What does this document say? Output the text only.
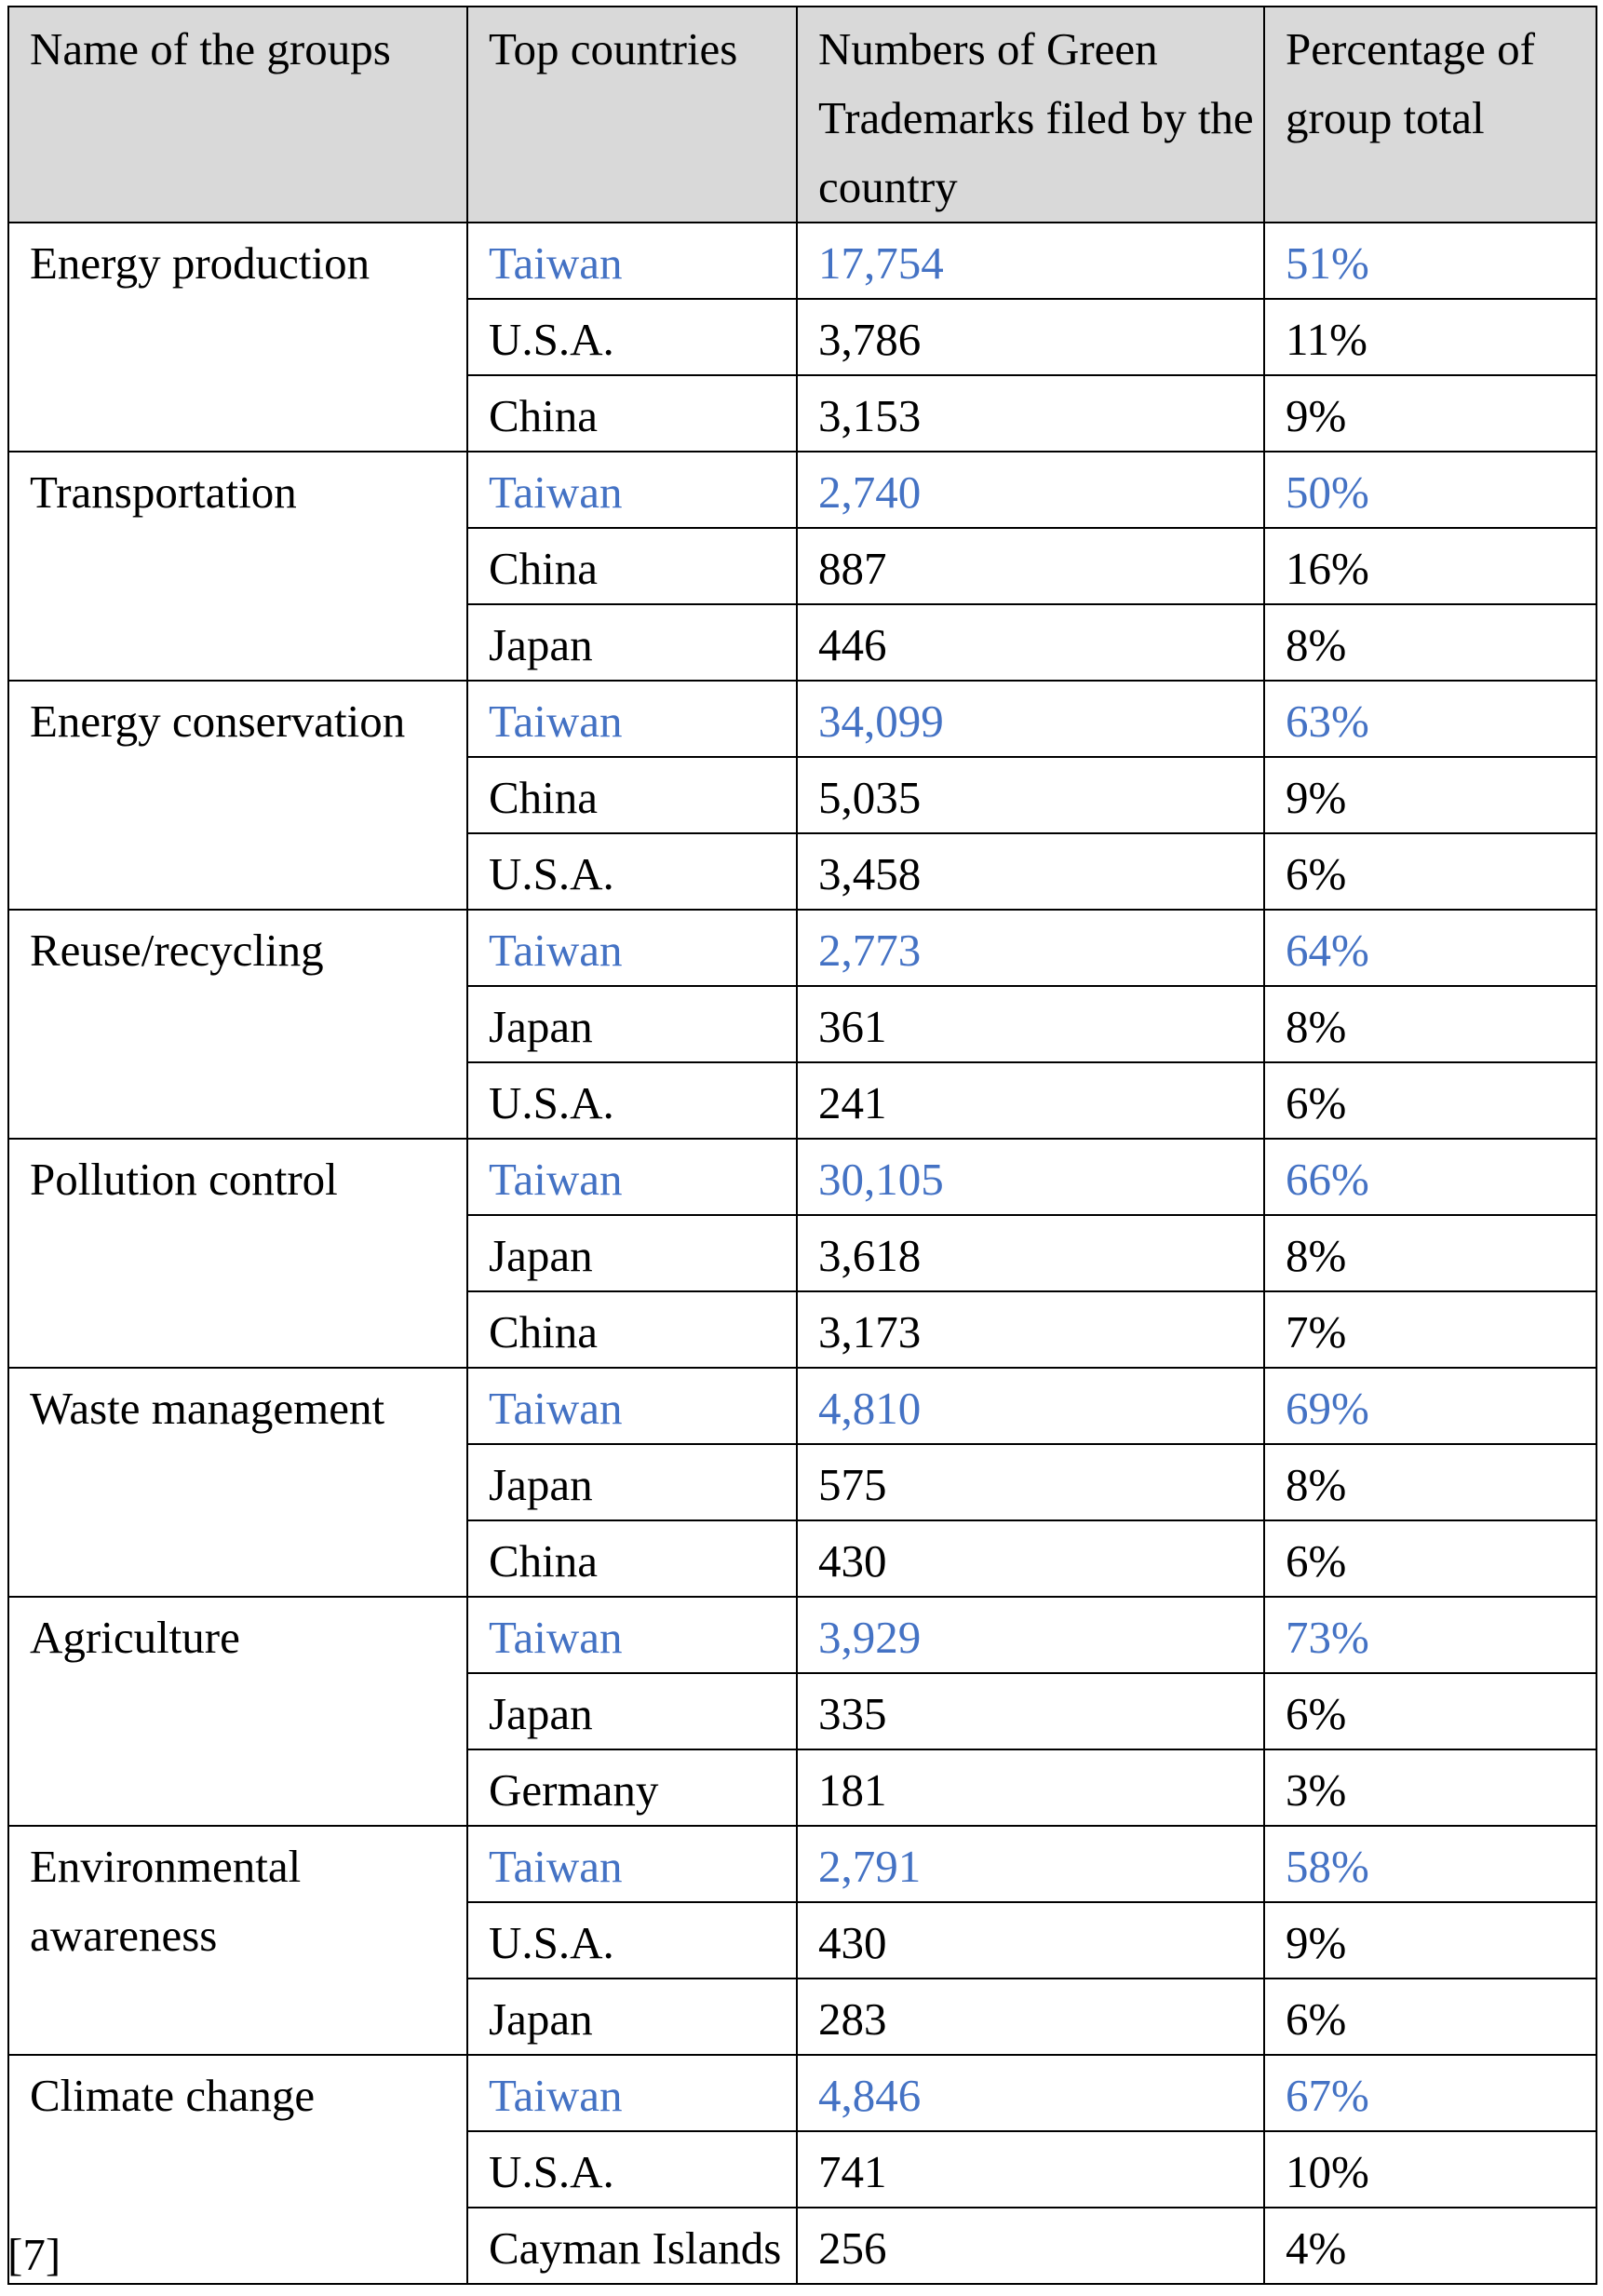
Name of the groups	Top countries	Numbers of Green Trademarks filed by the country	Percentage of group total
Energy production	Taiwan	17,754	51%
	U.S.A.	3,786	11%
	China	3,153	9%
Transportation	Taiwan	2,740	50%
	China	887	16%
	Japan	446	8%
Energy conservation	Taiwan	34,099	63%
	China	5,035	9%
	U.S.A.	3,458	6%
Reuse/recycling	Taiwan	2,773	64%
	Japan	361	8%
	U.S.A.	241	6%
Pollution control	Taiwan	30,105	66%
	Japan	3,618	8%
	China	3,173	7%
Waste management	Taiwan	4,810	69%
	Japan	575	8%
	China	430	6%
Agriculture	Taiwan	3,929	73%
	Japan	335	6%
	Germany	181	3%
Environmental awareness	Taiwan	2,791	58%
	U.S.A.	430	9%
	Japan	283	6%
Climate change	Taiwan	4,846	67%
	U.S.A.	741	10%
	Cayman Islands	256	4%
[7]
